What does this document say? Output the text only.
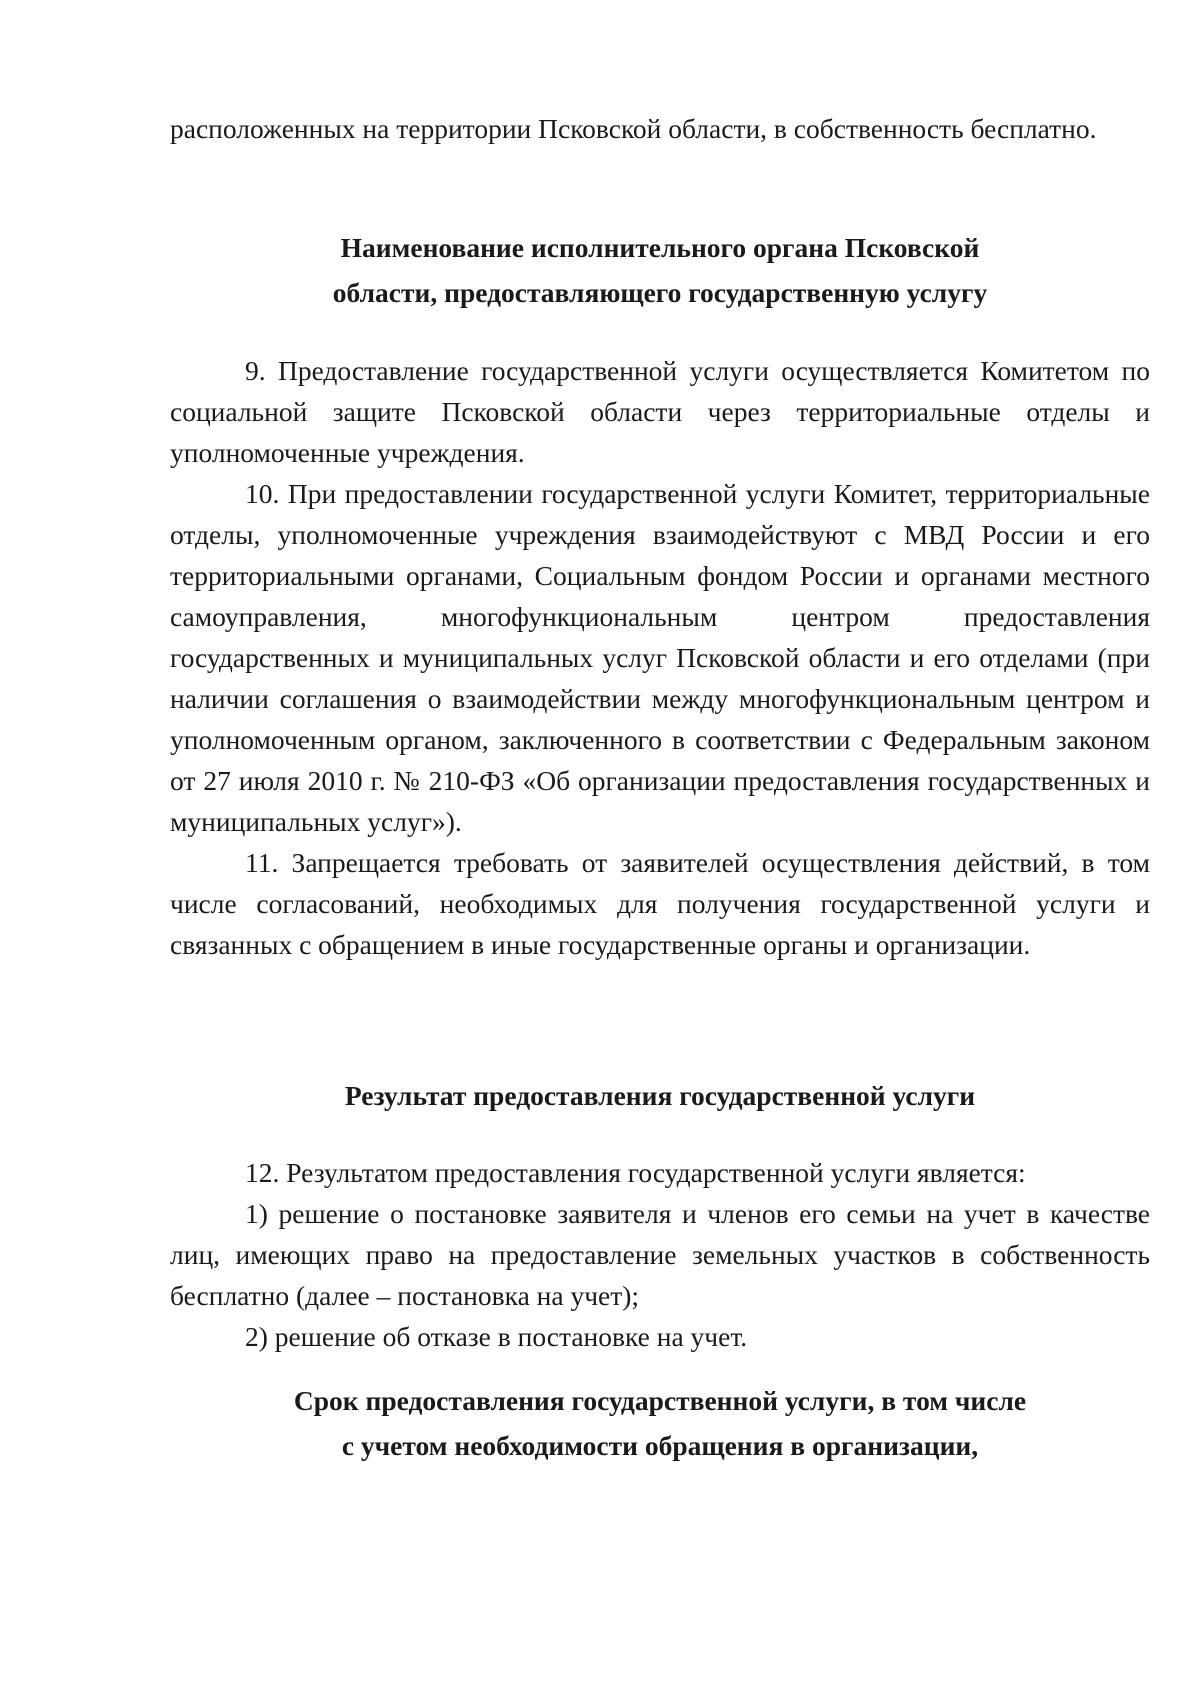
расположенных на территории Псковской области, в собственность бесплатно.

Наименование исполнительного органа Псковской
области, предоставляющего государственную услугу

9. Предоставление государственной услуги осуществляется Комитетом по социальной защите Псковской области через территориальные отделы и уполномоченные учреждения.

10. При предоставлении государственной услуги Комитет, территориальные отделы, уполномоченные учреждения взаимодействуют с МВД России и его территориальными органами, Социальным фондом России и органами местного самоуправления, многофункциональным центром предоставления государственных и муниципальных услуг Псковской области и его отделами (при наличии соглашения о взаимодействии между многофункциональным центром и уполномоченным органом, заключенного в соответствии с Федеральным законом от 27 июля 2010 г. № 210-ФЗ «Об организации предоставления государственных и муниципальных услуг»).

11. Запрещается требовать от заявителей осуществления действий, в том числе согласований, необходимых для получения государственной услуги и связанных с обращением в иные государственные органы и организации.

Результат предоставления государственной услуги

12. Результатом предоставления государственной услуги является:

1) решение о постановке заявителя и членов его семьи на учет в качестве лиц, имеющих право на предоставление земельных участков в собственность бесплатно (далее – постановка на учет);

2) решение об отказе в постановке на учет.

Срок предоставления государственной услуги, в том числе
с учетом необходимости обращения в организации,
